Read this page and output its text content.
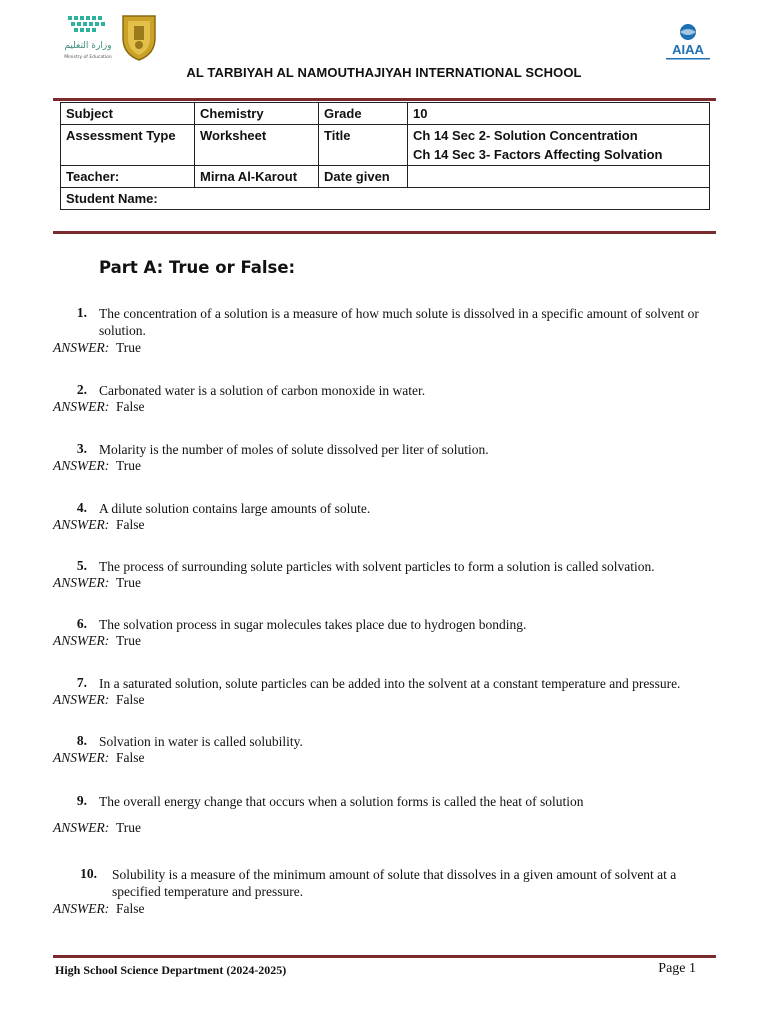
وزارة التعليم
Ministry of Education
AIAA
AL TARBIYAH AL NAMOUTHAJIYAH INTERNATIONAL SCHOOL
Subject	Chemistry	Grade	10
Assessment Type	Worksheet	Title	Ch 14 Sec 2- Solution Concentration
Ch 14 Sec 3- Factors Affecting Solvation

Teacher:	Mirna Al-Karout	Date given	
Student Name:			
Part A: True or False:
1. The concentration of a solution is a measure of how much solute is dissolved in a specific amount of solvent or solution.
ANSWER: True
2. Carbonated water is a solution of carbon monoxide in water.
ANSWER: False
3. Molarity is the number of moles of solute dissolved per liter of solution.
ANSWER: True
4. A dilute solution contains large amounts of solute.
ANSWER: False
5. The process of surrounding solute particles with solvent particles to form a solution is called solvation.
ANSWER: True
6. The solvation process in sugar molecules takes place due to hydrogen bonding.
ANSWER: True
7. In a saturated solution, solute particles can be added into the solvent at a constant temperature and pressure.
ANSWER: False
8. Solvation in water is called solubility.
ANSWER: False
9. The overall energy change that occurs when a solution forms is called the heat of solution
ANSWER: True
10. Solubility is a measure of the minimum amount of solute that dissolves in a given amount of solvent at a specified temperature and pressure.
ANSWER: False
High School Science Department (2024-2025)	Page 1
